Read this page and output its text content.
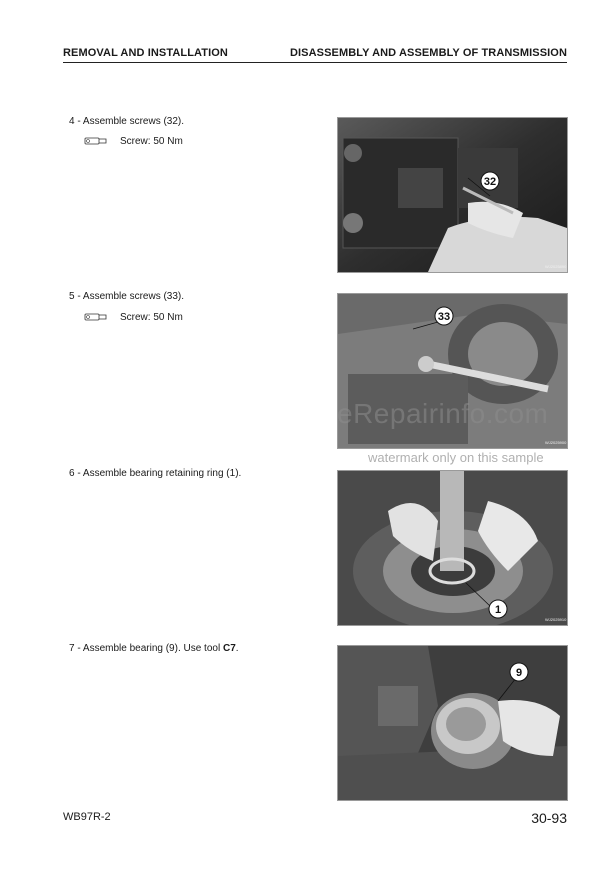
REMOVAL AND INSTALLATION	DISASSEMBLY AND ASSEMBLY OF TRANSMISSION
4 - Assemble screws (32).
Screw: 50 Nm
32
WJ2025890
5 - Assemble screws (33).
Screw: 50 Nm	33
WJ2025900
eRepairinfo.com
watermark only on this sample
6 - Assemble bearing retaining ring (1).
1
WJ2025910
7 - Assemble bearing (9). Use tool C7.
9
WB97R-2	30-93
